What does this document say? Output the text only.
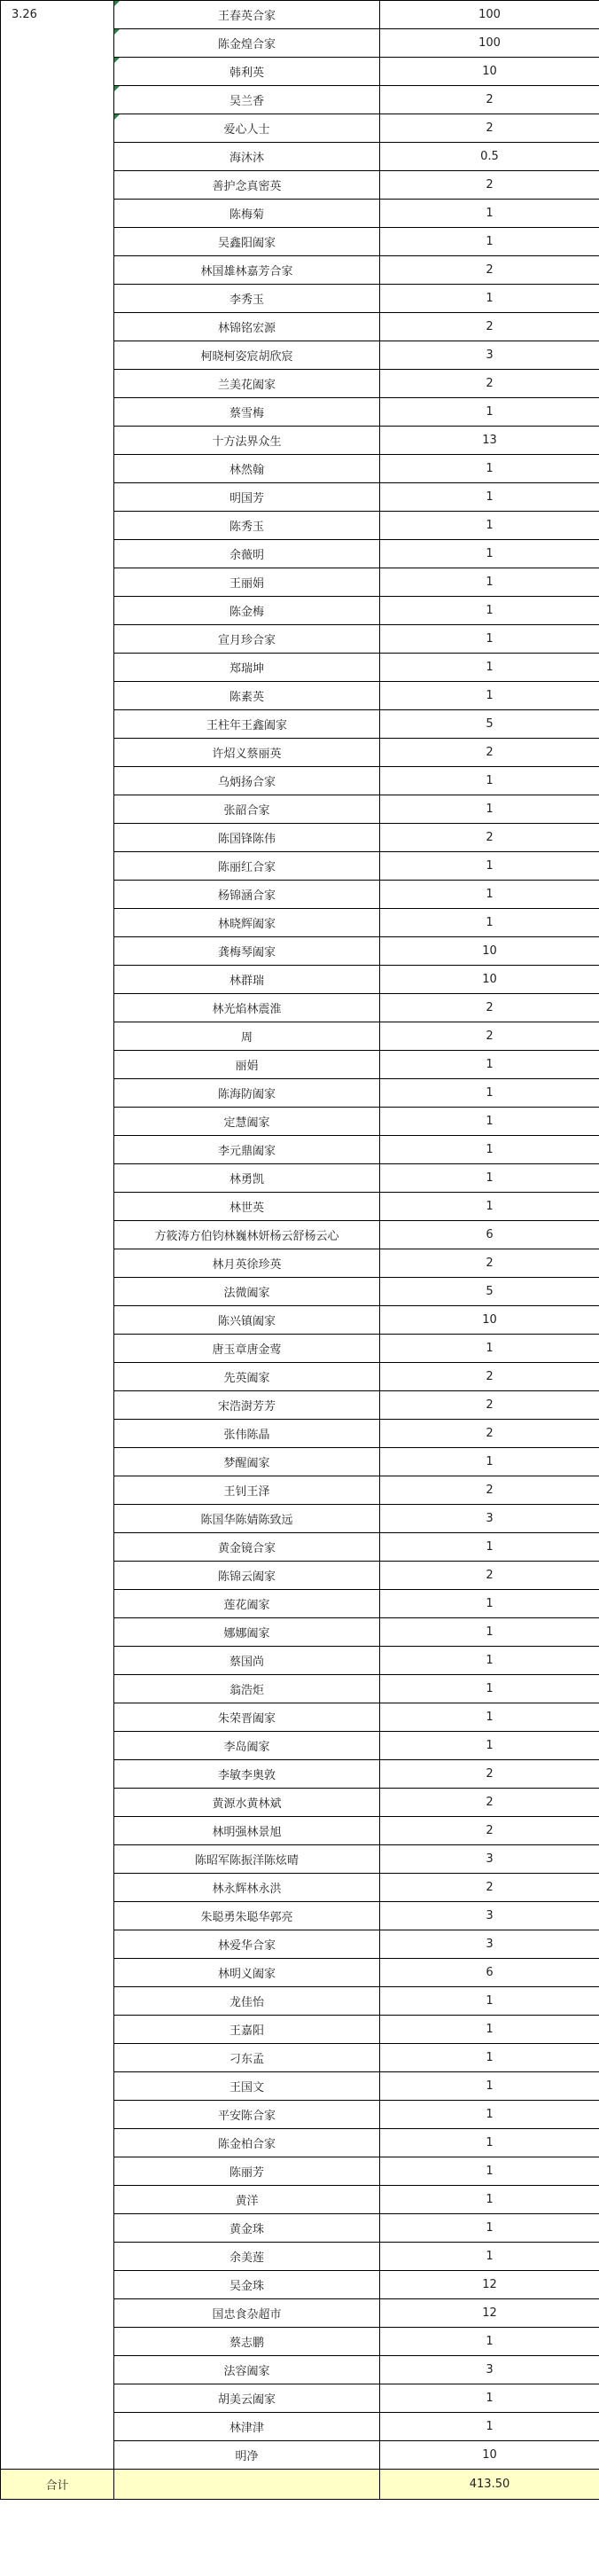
3.26	王春英合家	100
	陈金煌合家	100
	韩利英	10
	吴兰香	2
	爱心人士	2
	海沐沐	0.5
	善护念真密英	2
	陈梅菊	1
	吴鑫阳阖家	1
	林国雄林嘉芳合家	2
	李秀玉	1
	林锦铭宏源	2
	柯晓柯姿宸胡欣宸	3
	兰美花阖家	2
	蔡雪梅	1
	十方法界众生	13
	林然翰	1
	明国芳	1
	陈秀玉	1
	余薇明	1
	王丽娟	1
	陈金梅	1
	宣月珍合家	1
	郑瑞坤	1
	陈素英	1
	王柱年王鑫阖家	5
	许炤义蔡丽英	2
	乌炳扬合家	1
	张韶合家	1
	陈国锋陈伟	2
	陈丽红合家	1
	杨锦涵合家	1
	林晓辉阖家	1
	龚梅琴阖家	10
	林群瑞	10
	林光焰林震淮	2
	周	2
	丽娟	1
	陈海防阖家	1
	定慧阖家	1
	李元鼎阖家	1
	林勇凯	1
	林世英	1
	方筱涛方伯钧林巍林妍杨云舒杨云心	6
	林月英徐珍英	2
	法微阖家	5
	陈兴镇阖家	10
	唐玉章唐金莺	1
	先英阖家	2
	宋浩澍芳芳	2
	张伟陈晶	2
	梦醒阖家	1
	王钊王泽	2
	陈国华陈婧陈致远	3
	黄金镜合家	1
	陈锦云阖家	2
	莲花阖家	1
	娜娜阖家	1
	蔡国尚	1
	翁浩炬	1
	朱荣晋阖家	1
	李岛阖家	1
	李敏李奥敦	2
	黄源水黄林斌	2
	林明强林景旭	2
	陈昭军陈振洋陈炫晴	3
	林永辉林永洪	2
	朱聪勇朱聪华郭亮	3
	林爱华合家	3
	林明义阖家	6
	龙佳怡	1
	王嘉阳	1
	刁东孟	1
	王国文	1
	平安陈合家	1
	陈金柏合家	1
	陈丽芳	1
	黄洋	1
	黄金珠	1
	余美莲	1
	吴金珠	12
	国忠食杂超市	12
	蔡志鹏	1
	法容阖家	3
	胡美云阖家	1
	林津津	1
	明净	10
合计		413.50
